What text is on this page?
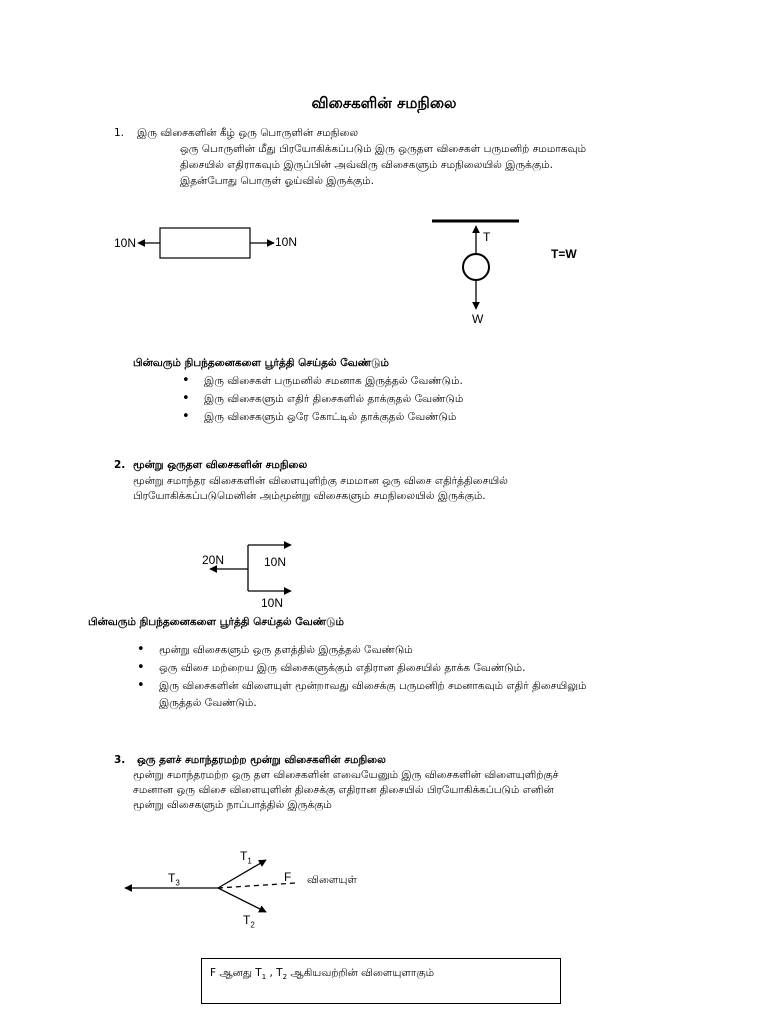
விசைகளின் சமநிலை
1. இரு விசைகளின் கீழ் ஒரு பொருளின் சமநிலை
ஒரு பொருளின் மீது பிரயோகிக்கப்படும் இரு ஒருதள விசைகள் பருமனிற் சமமாகவும்
திசையில் எதிராகவும் இருப்பின் அவ்விரு விசைகளும் சமநிலையில் இருக்கும்.
இதன்போது பொருள் ஓய்வில் இருக்கும்.
10N	10N	T
W
T=W
பின்வரும் நிபந்தனைகளை பூர்த்தி செய்தல் வேண்டும்
• இரு விசைகள் பருமனில் சமனாக இருத்தல் வேண்டும்.
• இரு விசைகளும் எதிர் திசைகளில் தாக்குதல் வேண்டும்
• இரு விசைகளும் ஒரே கோட்டில் தாக்குதல் வேண்டும்
2. மூன்று ஒருதள விசைகளின் சமநிலை
மூன்று சமாந்தர விசைகளின் விளையுளிற்கு சமமான ஒரு விசை எதிர்த்திசையில்
பிரயோகிக்கப்படுமெனின் அம்மூன்று விசைகளும் சமநிலையில் இருக்கும்.
20N	10N
10N
பின்வரும் நிபந்தனைகளை பூர்த்தி செய்தல் வேண்டும்
• மூன்று விசைகளும் ஒரு தளத்தில் இருத்தல் வேண்டும்
• ஒரு விசை மற்றைய இரு விசைகளுக்கும் எதிரான திசையில் தாக்க வேண்டும்.
• இரு விசைகளின் விளையுள் மூன்றாவது விசைக்கு பருமனிற் சமனாகவும் எதிர் திசையிலும்
இருத்தல் வேண்டும்.
3. ஒரு தளச் சமாந்தரமற்ற மூன்று விசைகளின் சமநிலை
மூன்று சமாந்தரமற்ற ஒரு தள விசைகளின் எவையேனும் இரு விசைகளின் விளையுளிற்குச்
சமனான ஒரு விசை விளையுளின் திசைக்கு எதிரான திசையில் பிரயோகிக்கப்படும் எனின்
மூன்று விசைகளும் நாப்பாத்தில் இருக்கும்
$T_1$
$T_3$
$T_2$
F விளையுள்
F ஆனது $T_1$ , $T_2$ ஆகியவற்றின் விளையுளாகும்
